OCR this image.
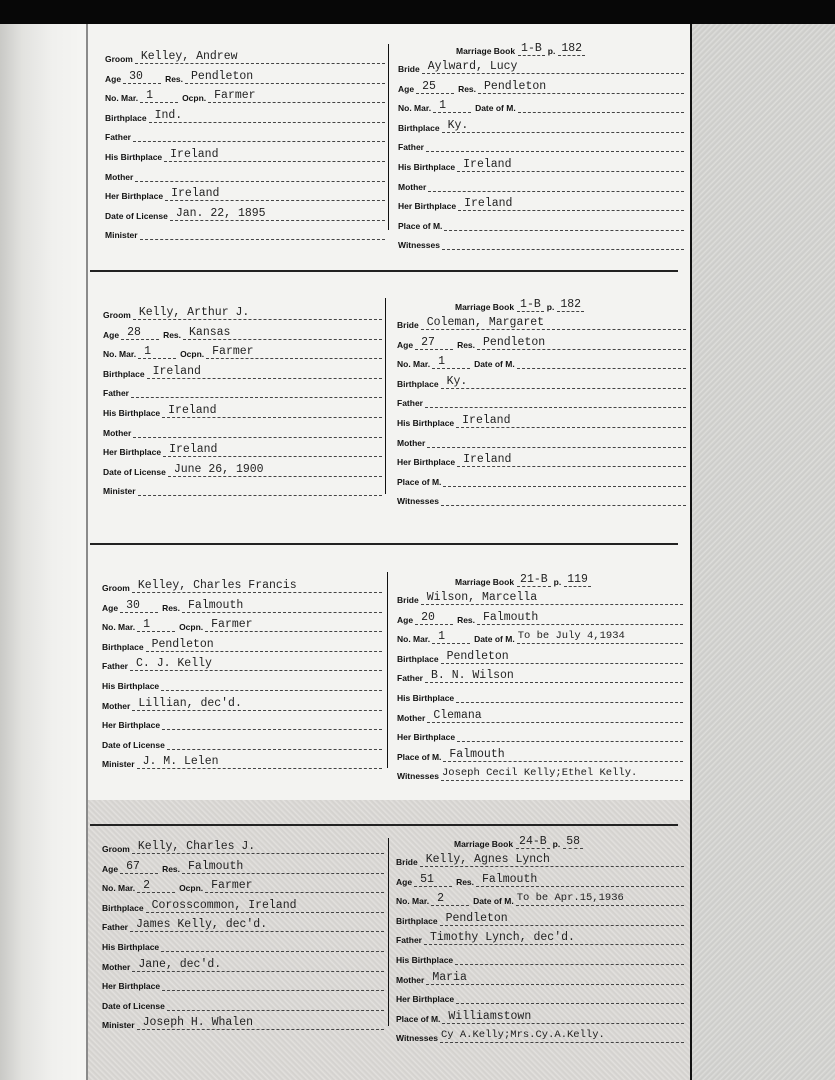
Groom Kelley, Andrew
Age 30	Res. Pendleton
No. Mar. 1	Ocpn. Farmer
Birthplace Ind.
Father
His Birthplace Ireland
Mother
Her Birthplace Ireland
Date of License Jan. 22, 1895
Minister
Marriage Book 1-B p. 182
Bride Aylward, Lucy
Age 25	Res. Pendleton
No. Mar. 1	Date of M.
Birthplace Ky.
Father
His Birthplace Ireland
Mother
Her Birthplace Ireland
Place of M.
Witnesses
Groom Kelly, Arthur J.
Age 28	Res. Kansas
No. Mar. 1	Ocpn. Farmer
Birthplace Ireland
Father
His Birthplace Ireland
Mother
Her Birthplace Ireland
Date of License June 26, 1900
Minister
Marriage Book 1-B p. 182
Bride Coleman, Margaret
Age 27	Res. Pendleton
No. Mar. 1	Date of M.
Birthplace Ky.
Father
His Birthplace Ireland
Mother
Her Birthplace Ireland
Place of M.
Witnesses
Groom Kelley, Charles Francis
Age 30	Res. Falmouth
No. Mar. 1	Ocpn. Farmer
Birthplace Pendleton
Father C. J. Kelly
His Birthplace
Mother Lillian, dec'd.
Her Birthplace
Date of License
Minister J. M. Lelen
Marriage Book 21-B p. 119
Bride Wilson, Marcella
Age 20	Res. Falmouth
No. Mar. 1	Date of M. To be July 4,1934
Birthplace Pendleton
Father B. N. Wilson
His Birthplace
Mother Clemana
Her Birthplace
Place of M. Falmouth
Witnesses Joseph Cecil Kelly;Ethel Kelly.
Groom Kelly, Charles J.
Age 67	Res. Falmouth
No. Mar. 2	Ocpn. Farmer
Birthplace Corosscommon, Ireland
Father James Kelly, dec'd.
His Birthplace
Mother Jane, dec'd.
Her Birthplace
Date of License
Minister Joseph H. Whalen
Marriage Book 24-B p. 58
Bride Kelly, Agnes Lynch
Age 51	Res. Falmouth
No. Mar. 2	Date of M. To be Apr.15,1936
Birthplace Pendleton
Father Timothy Lynch, dec'd.
His Birthplace
Mother Maria
Her Birthplace
Place of M. Williamstown
Witnesses Cy A.Kelly;Mrs.Cy.A.Kelly.
